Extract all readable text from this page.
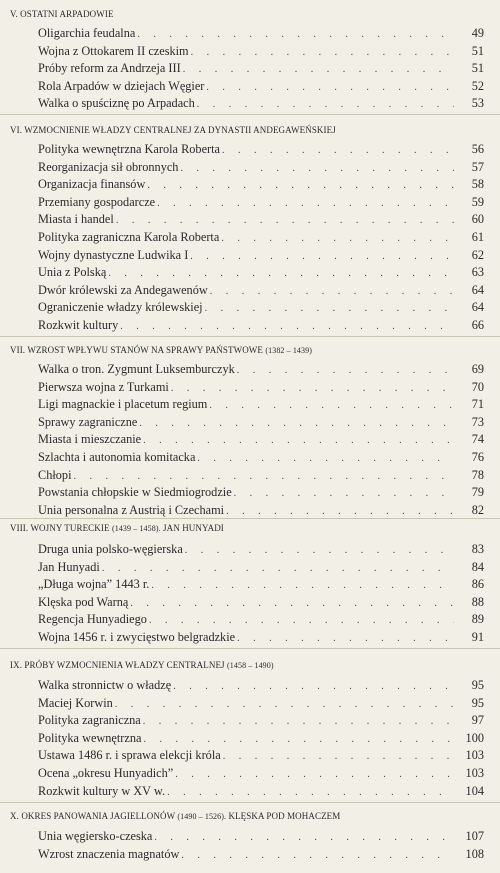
V. OSTATNI ARPADOWIE
Oligarchia feudalna . . .	49
Wojna z Ottokarem II czeskim . . .	51
Próby reform za Andrzeja III . . .	51
Rola Arpadów w dziejach Węgier . . .	52
Walka o spuściznę po Arpadach . . .	53
VI. WZMOCNIENIE WŁADZY CENTRALNEJ ZA DYNASTII ANDEGAWEŃSKIEJ
Polityka wewnętrzna Karola Roberta . . .	56
Reorganizacja sił obronnych . . .	57
Organizacja finansów . . .	58
Przemiany gospodarcze . . .	59
Miasta i handel . . .	60
Polityka zagraniczna Karola Roberta . . .	61
Wojny dynastyczne Ludwika I . . .	62
Unia z Polską . . .	63
Dwór królewski za Andegawenów . . .	64
Ograniczenie władzy królewskiej . . .	64
Rozkwit kultury . . .	66
VII. WZROST WPŁYWU STANÓW NA SPRAWY PAŃSTWOWE (1382 – 1439)
Walka o tron. Zygmunt Luksemburczyk . . .	69
Pierwsza wojna z Turkami . . .	70
Ligi magnackie i placetum regium . . .	71
Sprawy zagraniczne . . .	73
Miasta i mieszczanie . . .	74
Szlachta i autonomia komitacka . . .	76
Chłopi . . .	78
Powstania chłopskie w Siedmiogrodzie . . .	79
Unia personalna z Austrią i Czechami . . .	82
VIII. WOJNY TURECKIE (1439 – 1458). JAN HUNYADI
Druga unia polsko-węgierska . . .	83
Jan Hunyadi . . .	84
„Długa wojna” 1443 r. . . .	86
Klęska pod Warną . . .	88
Regencja Hunyadiego . . .	89
Wojna 1456 r. i zwycięstwo belgradzkie . . .	91
IX. PRÓBY WZMOCNIENIA WŁADZY CENTRALNEJ (1458 – 1490)
Walka stronnictw o władzę . . .	95
Maciej Korwin . . .	95
Polityka zagraniczna . . .	97
Polityka wewnętrzna . . .	100
Ustawa 1486 r. i sprawa elekcji króla . . .	103
Ocena „okresu Hunyadich” . . .	103
Rozkwit kultury w XV w. . . .	104
X. OKRES PANOWANIA JAGIELLONÓW (1490 – 1526). KLĘSKA POD MOHACZEM
Unia węgiersko-czeska . . .	107
Wzrost znaczenia magnatów . . .	108
